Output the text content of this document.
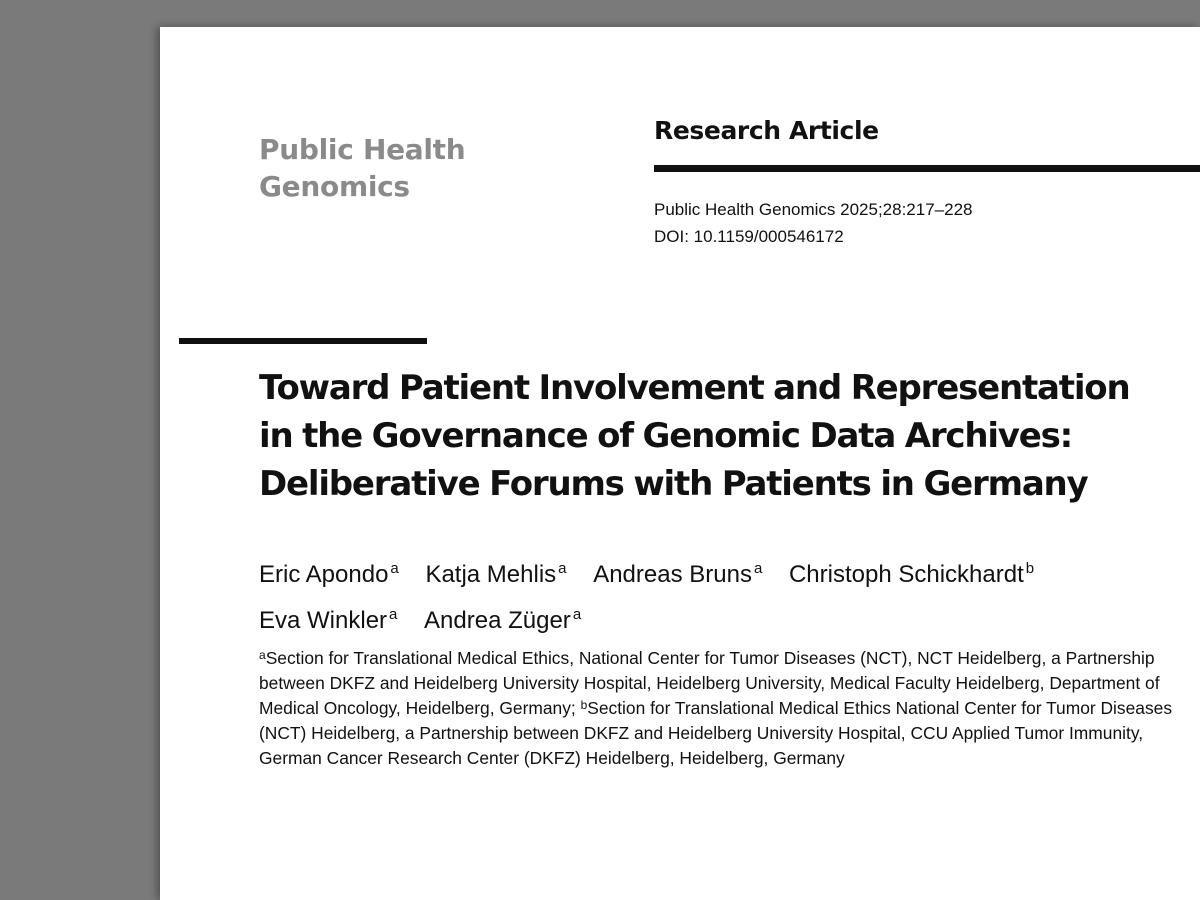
Public Health
Genomics
Research Article
Public Health Genomics 2025;28:217–228
DOI: 10.1159/000546172
Toward Patient Involvement and Representation
in the Governance of Genomic Data Archives:
Deliberative Forums with Patients in Germany
Eric Apondo $^a$ Katja Mehlis $^a$ Andreas Bruns $^a$ Christoph Schickhardt $^b$
Eva Winkler $^a$ Andrea Züger $^a$

$^a$Section for Translational Medical Ethics, National Center for Tumor Diseases (NCT), NCT Heidelberg, a Partnership between DKFZ and Heidelberg University Hospital, Heidelberg University, Medical Faculty Heidelberg, Department of Medical Oncology, Heidelberg, Germany; $^b$Section for Translational Medical Ethics National Center for Tumor Diseases (NCT) Heidelberg, a Partnership between DKFZ and Heidelberg University Hospital, CCU Applied Tumor Immunity, German Cancer Research Center (DKFZ) Heidelberg, Heidelberg, Germany
